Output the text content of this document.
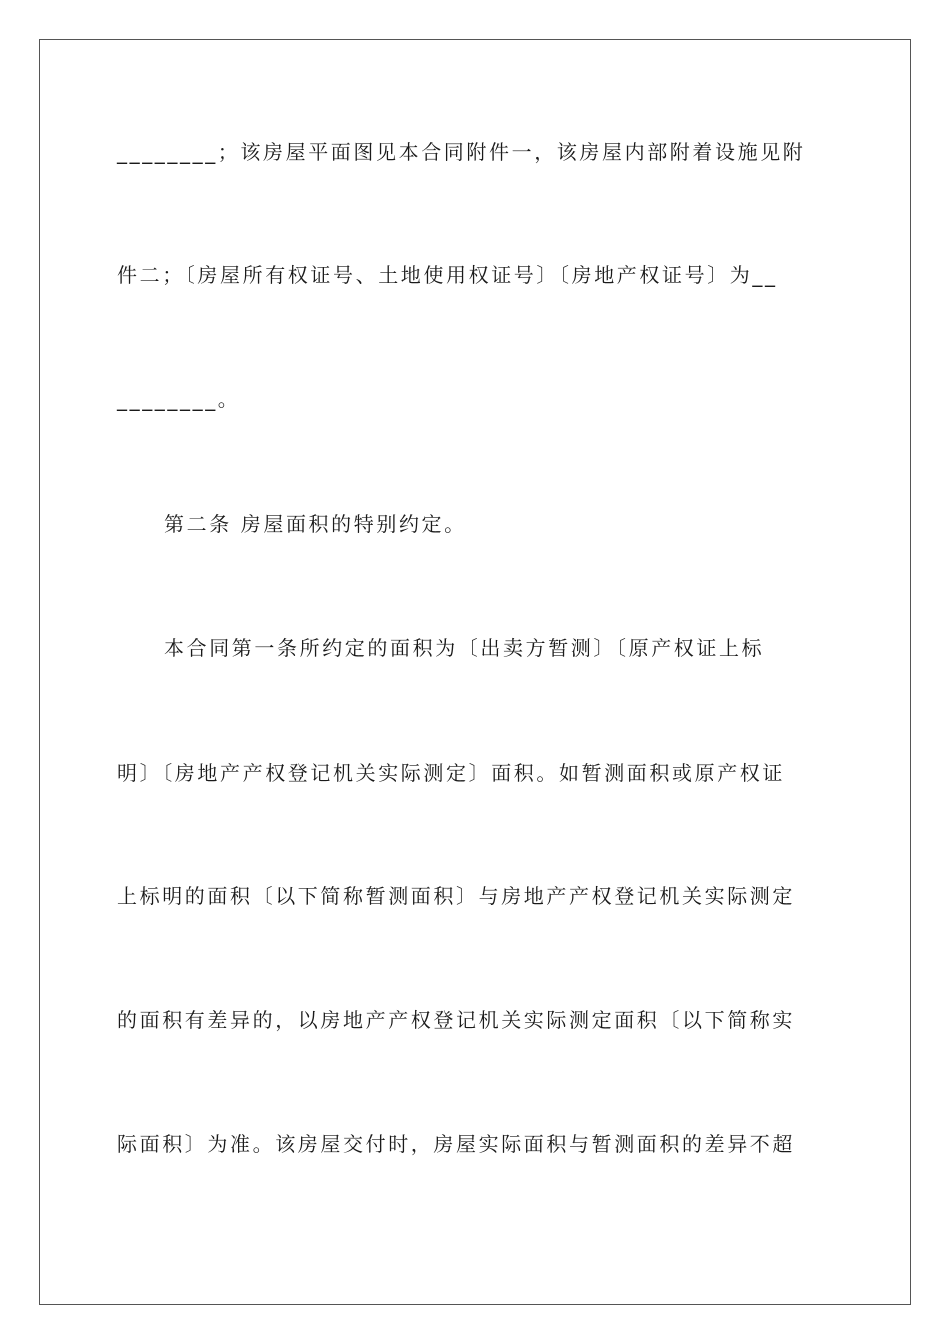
________；该房屋平面图见本合同附件一，该房屋内部附着设施见附
件二；〔房屋所有权证号、土地使用权证号〕〔房地产权证号〕为__
________。
第二条 房屋面积的特别约定。
本合同第一条所约定的面积为〔出卖方暂测〕〔原产权证上标
明〕〔房地产产权登记机关实际测定〕面积。如暂测面积或原产权证
上标明的面积〔以下简称暂测面积〕与房地产产权登记机关实际测定
的面积有差异的，以房地产产权登记机关实际测定面积〔以下简称实
际面积〕为准。该房屋交付时，房屋实际面积与暂测面积的差异不超
